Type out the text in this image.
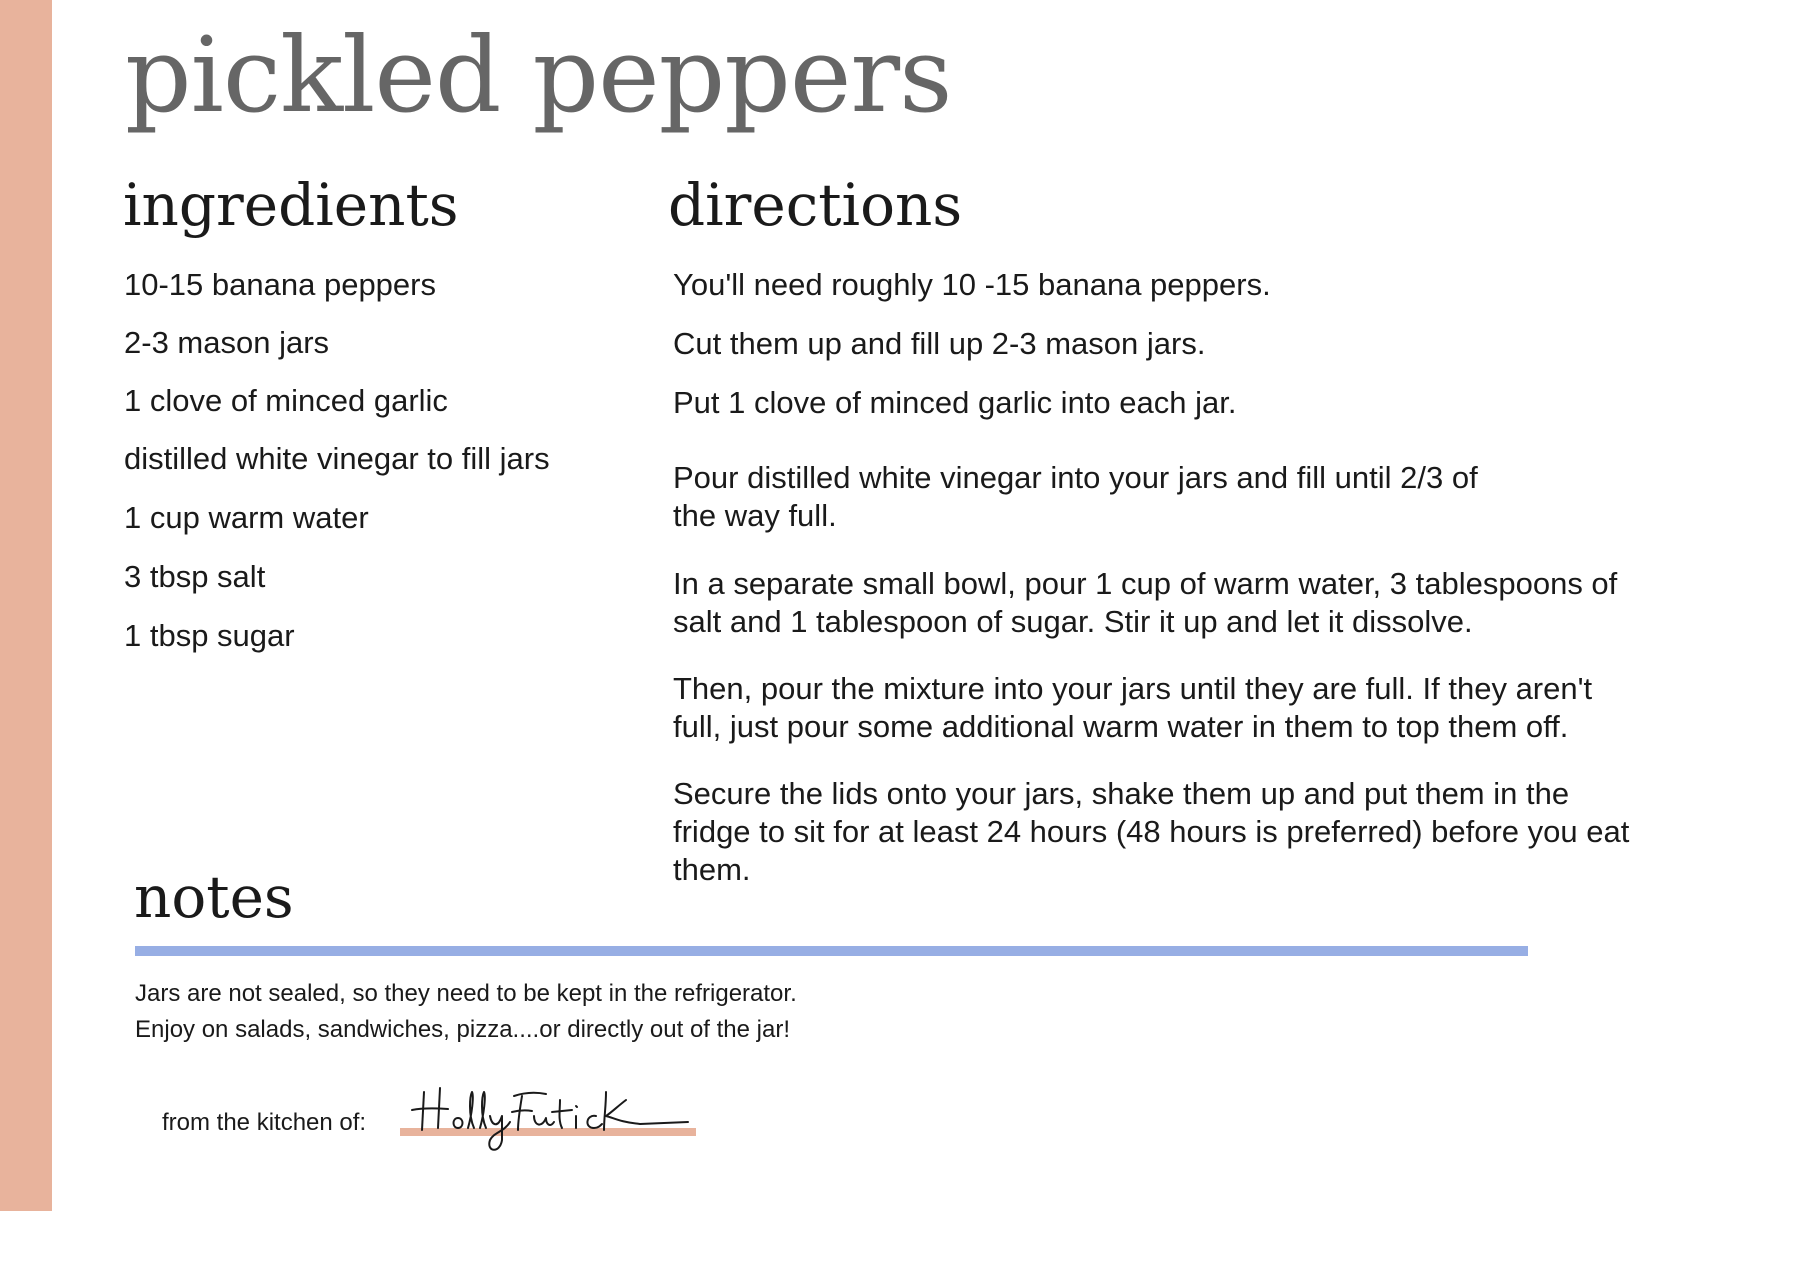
pickled peppers
ingredients

10-15 banana peppers

2-3 mason jars

1 clove of minced garlic

distilled white vinegar to fill jars

1 cup warm water

3 tbsp salt

1 tbsp sugar

directions

You'll need roughly 10 -15 banana peppers.

Cut them up and fill up 2-3 mason jars.

Put 1 clove of minced garlic into each jar.

Pour distilled white vinegar into your jars and fill until 2/3 of the way full.

In a separate small bowl, pour 1 cup of warm water, 3 tablespoons of salt and 1 tablespoon of sugar. Stir it up and let it dissolve.

Then, pour the mixture into your jars until they are full. If they aren't full, just pour some additional warm water in them to top them off.

Secure the lids onto your jars, shake them up and put them in the fridge to sit for at least 24 hours (48 hours is preferred) before you eat them.

notes

Jars are not sealed, so they need to be kept in the refrigerator.

Enjoy on salads, sandwiches, pizza....or directly out of the jar!

from the kitchen of:
